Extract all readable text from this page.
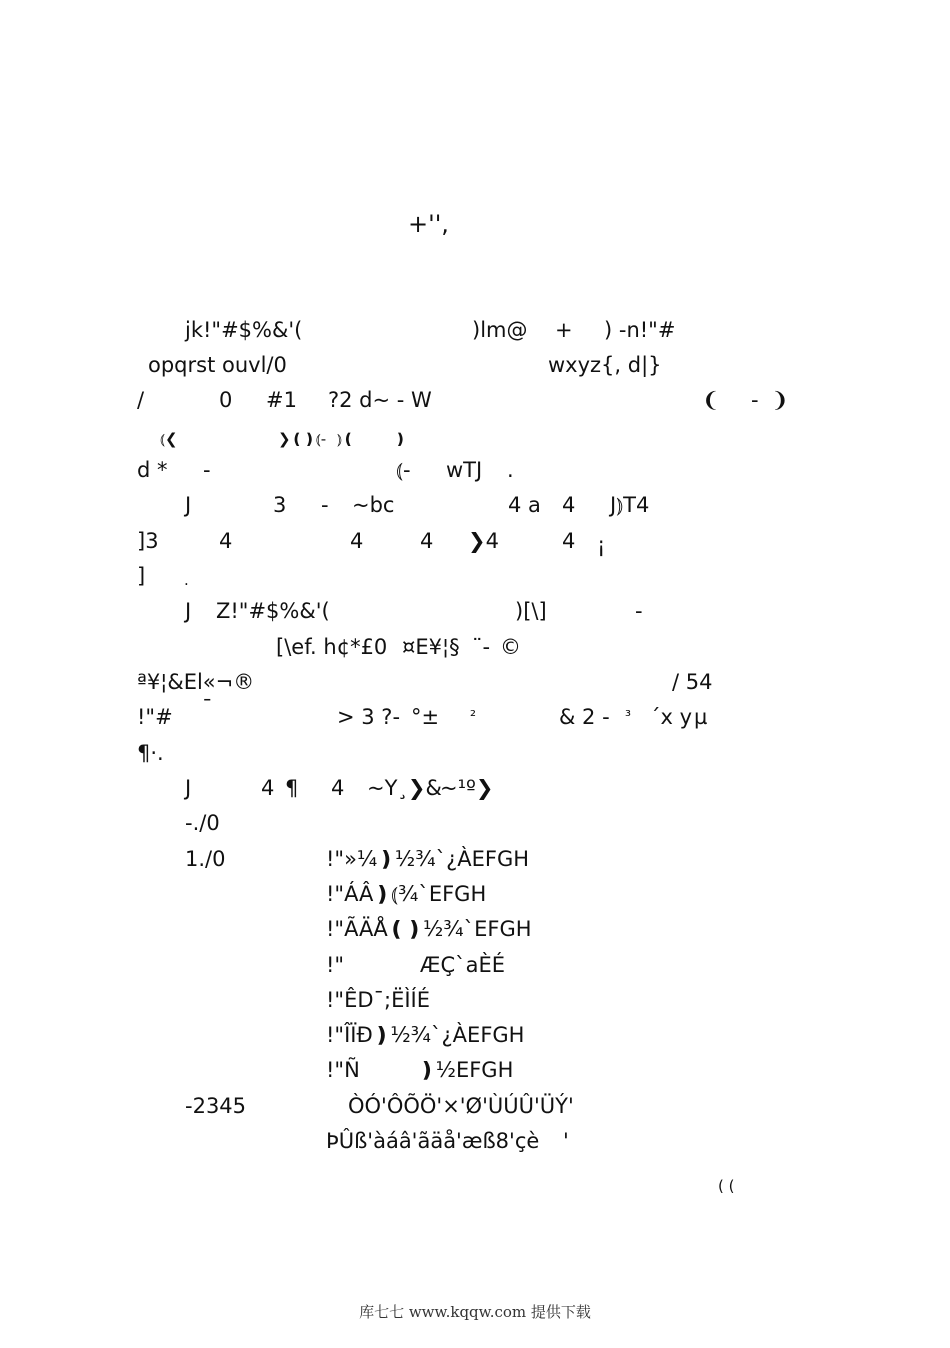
+'',
jk!"#$%&'(	)lm@ + ) -n!"#
opqrst ouvl/0	wxyz{, d|}
/	0 #1 ?2 d~ - W	❨ - ❩
⦅❮	❯❪❫⦅- ⦆❪	❫
d * -	⦅- wTJ .
J	3 - ~bc	4 a 4 J⦆T4
]3	4	4	4 ❯4	4 ¡
]	.
J Z!"#$%&'(	)[\]	-
[\ef. h¢*£0 ¤E¥¦§ ¨- ©
ª¥¦&El«¬®	/ 54
!"# ¯	> 3 ?- °± ²	& 2 - ³ ´x y µ
¶·.
J	4 ¶ 4 ~Y¸❯&
~¹º❯
-./0
1./0	!"»¼❫½¾`¿ÀEFGH
!"ÁÂ❫⦅¾`EFGH
!"ÃÄÅ❪❫½¾`EFGH
!"	ÆÇ`aÈÉ
!"ÊD¯;ËÌÍÉ
!"ÎÏÐ❫½¾`¿ÀEFGH
!"Ñ	❫½EFGH
-2345	ÒÓ'ÔÕÖ'×'Ø'ÙÚÛ'ÜÝ'
ÞÛß'àáâ'ãäå'æß8'çè '
( (
库七七 www.kqqw.com 提供下载
